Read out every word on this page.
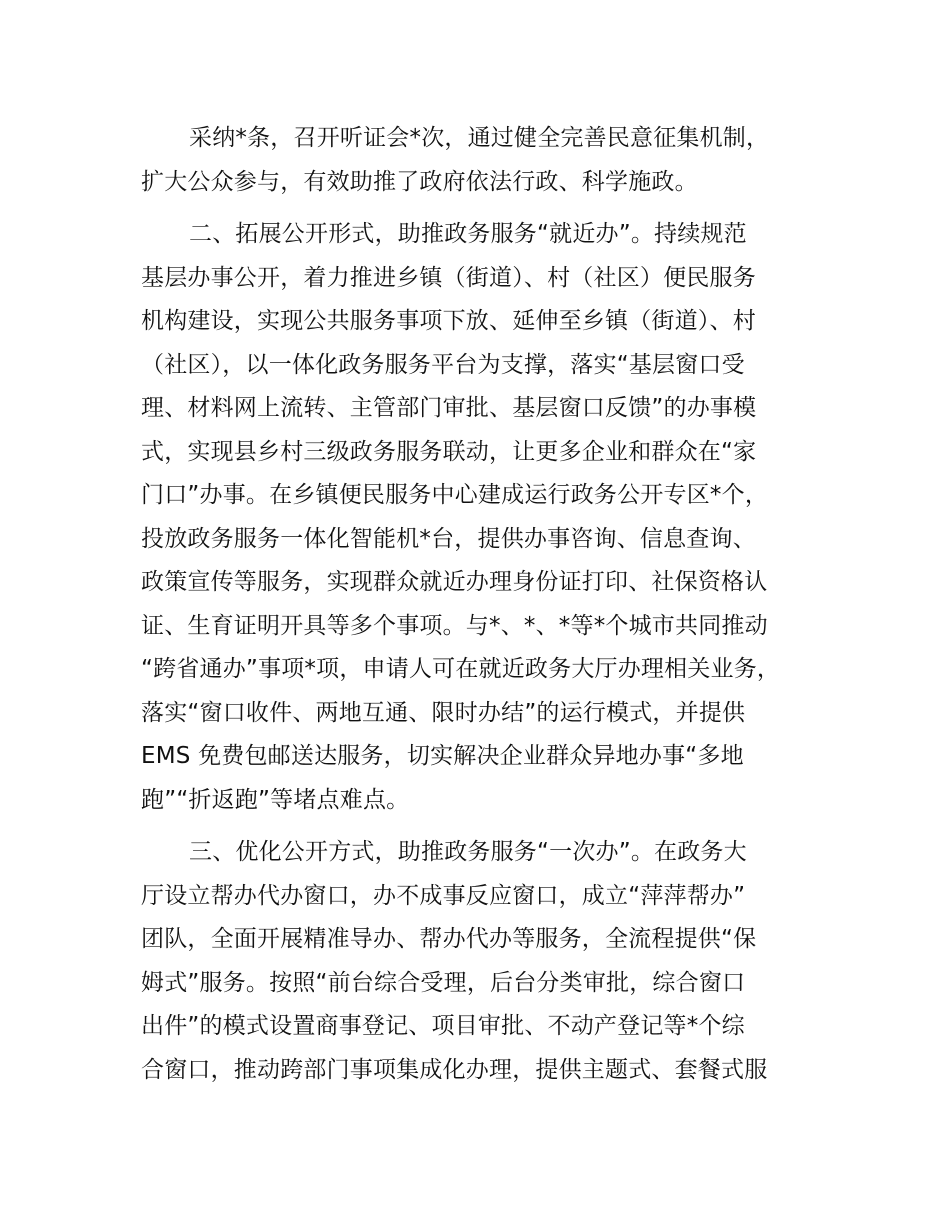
采纳*条，召开听证会*次，通过健全完善民意征集机制，
扩大公众参与，有效助推了政府依法行政、科学施政。
二、拓展公开形式，助推政务服务“就近办”。持续规范
基层办事公开，着力推进乡镇（街道）、村（社区）便民服务
机构建设，实现公共服务事项下放、延伸至乡镇（街道）、村
（社区），以一体化政务服务平台为支撑，落实“基层窗口受
理、材料网上流转、主管部门审批、基层窗口反馈”的办事模
式，实现县乡村三级政务服务联动，让更多企业和群众在“家
门口”办事。在乡镇便民服务中心建成运行政务公开专区*个，
投放政务服务一体化智能机*台，提供办事咨询、信息查询、
政策宣传等服务，实现群众就近办理身份证打印、社保资格认
证、生育证明开具等多个事项。与*、*、*等*个城市共同推动
“跨省通办”事项*项，申请人可在就近政务大厅办理相关业务，
落实“窗口收件、两地互通、限时办结”的运行模式，并提供
EMS 免费包邮送达服务，切实解决企业群众异地办事“多地
跑”“折返跑”等堵点难点。
三、优化公开方式，助推政务服务“一次办”。在政务大
厅设立帮办代办窗口，办不成事反应窗口，成立“萍萍帮办”
团队，全面开展精准导办、帮办代办等服务，全流程提供“保
姆式”服务。按照“前台综合受理，后台分类审批，综合窗口
出件”的模式设置商事登记、项目审批、不动产登记等*个综
合窗口，推动跨部门事项集成化办理，提供主题式、套餐式服
